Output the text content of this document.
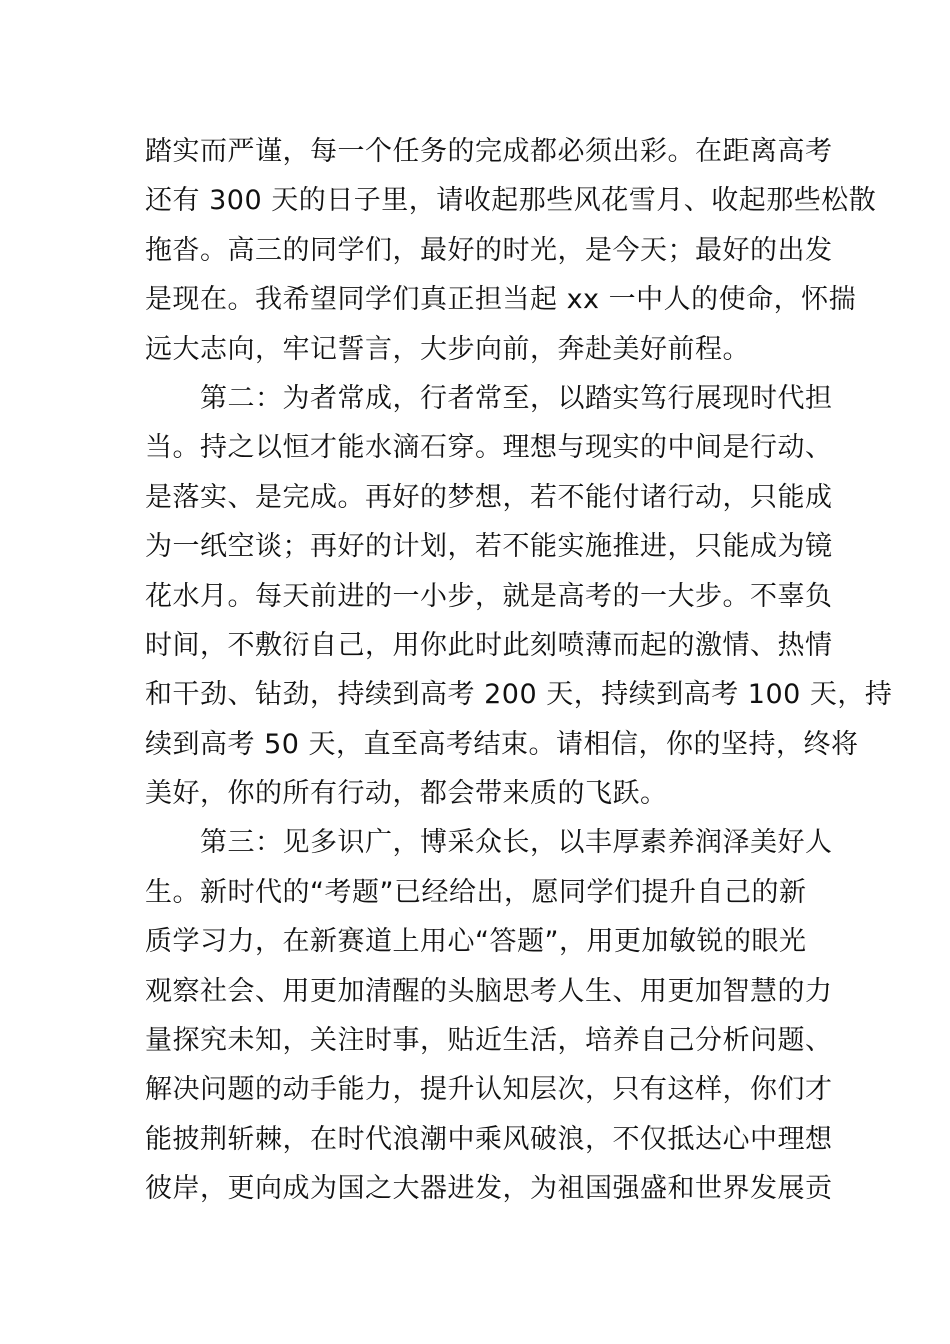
踏实而严谨，每一个任务的完成都必须出彩。在距离高考
还有 300 天的日子里，请收起那些风花雪月、收起那些松散
拖沓。高三的同学们，最好的时光，是今天；最好的出发
是现在。我希望同学们真正担当起 xx 一中人的使命，怀揣
远大志向，牢记誓言，大步向前，奔赴美好前程。
　　第二：为者常成，行者常至，以踏实笃行展现时代担
当。持之以恒才能水滴石穿。理想与现实的中间是行动、
是落实、是完成。再好的梦想，若不能付诸行动，只能成
为一纸空谈；再好的计划，若不能实施推进，只能成为镜
花水月。每天前进的一小步，就是高考的一大步。不辜负
时间，不敷衍自己，用你此时此刻喷薄而起的激情、热情
和干劲、钻劲，持续到高考 200 天，持续到高考 100 天，持
续到高考 50 天，直至高考结束。请相信，你的坚持，终将
美好，你的所有行动，都会带来质的飞跃。
　　第三：见多识广，博采众长，以丰厚素养润泽美好人
生。新时代的“考题”已经给出，愿同学们提升自己的新
质学习力，在新赛道上用心“答题”，用更加敏锐的眼光
观察社会、用更加清醒的头脑思考人生、用更加智慧的力
量探究未知，关注时事，贴近生活，培养自己分析问题、
解决问题的动手能力，提升认知层次，只有这样，你们才
能披荆斩棘，在时代浪潮中乘风破浪，不仅抵达心中理想
彼岸，更向成为国之大器进发，为祖国强盛和世界发展贡
